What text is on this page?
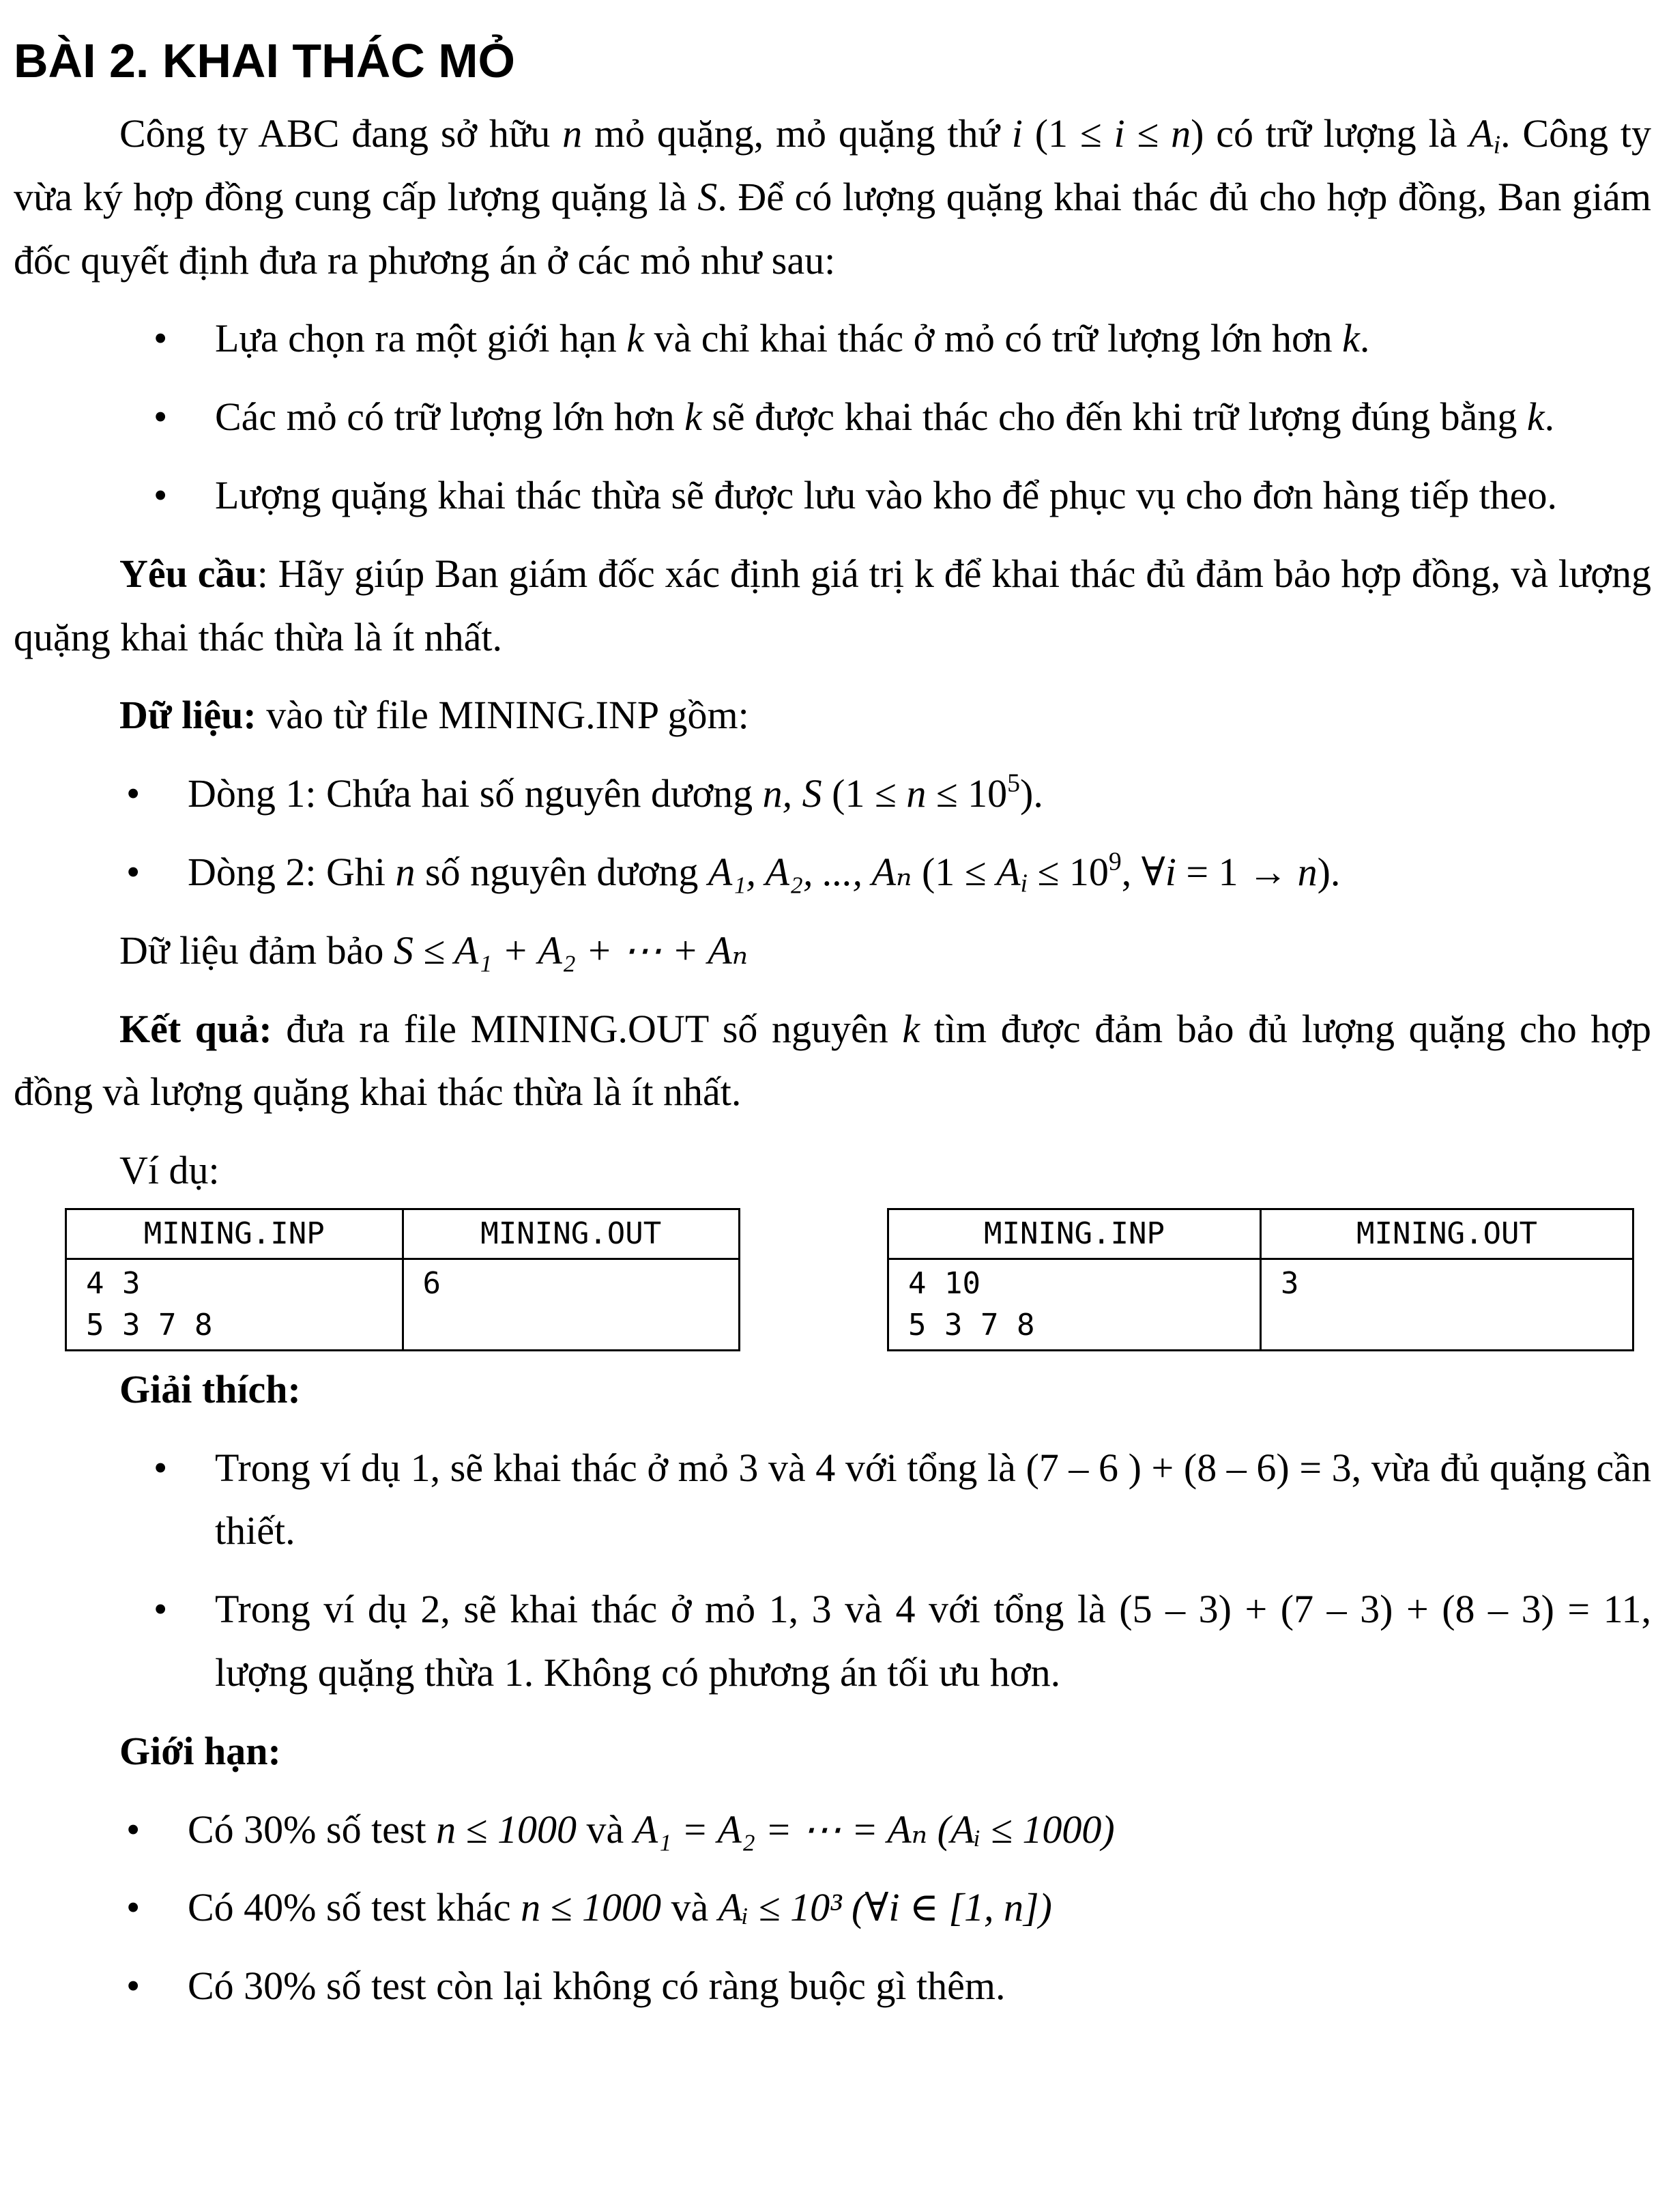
BÀI 2. KHAI THÁC MỎ

Công ty ABC đang sở hữu n mỏ quặng, mỏ quặng thứ i (1 ≤ i ≤ n) có trữ lượng là $A_i$. Công ty vừa ký hợp đồng cung cấp lượng quặng là S. Để có lượng quặng khai thác đủ cho hợp đồng, Ban giám đốc quyết định đưa ra phương án ở các mỏ như sau:

• Lựa chọn ra một giới hạn k và chỉ khai thác ở mỏ có trữ lượng lớn hơn k.
• Các mỏ có trữ lượng lớn hơn k sẽ được khai thác cho đến khi trữ lượng đúng bằng k.
• Lượng quặng khai thác thừa sẽ được lưu vào kho để phục vụ cho đơn hàng tiếp theo.

Yêu cầu: Hãy giúp Ban giám đốc xác định giá trị k để khai thác đủ đảm bảo hợp đồng, và lượng quặng khai thác thừa là ít nhất.

Dữ liệu: vào từ file MINING.INP gồm:

• Dòng 1: Chứa hai số nguyên dương n, S $(1 \le n \le 10^5)$.
• Dòng 2: Ghi n số nguyên dương A₁, A₂, ..., Aₙ ($1 \le A_i \le 10^9$, ∀i = 1 → n).

Dữ liệu đảm bảo S ≤ A₁ + A₂ + ⋯ + Aₙ

Kết quả: đưa ra file MINING.OUT số nguyên k tìm được đảm bảo đủ lượng quặng cho hợp đồng và lượng quặng khai thác thừa là ít nhất.

Ví dụ:

MINING.INP	MINING.OUT
4 3
5 3 7 8	6
MINING.INP	MINING.OUT
4 10
5 3 7 8	3

Giải thích:

• Trong ví dụ 1, sẽ khai thác ở mỏ 3 và 4 với tổng là (7 – 6 ) + (8 – 6) = 3, vừa đủ quặng cần thiết.
• Trong ví dụ 2, sẽ khai thác ở mỏ 1, 3 và 4 với tổng là (5 – 3) + (7 – 3) + (8 – 3) = 11, lượng quặng thừa 1. Không có phương án tối ưu hơn.

Giới hạn:

• Có 30% số test n ≤ 1000 và A₁ = A₂ = ⋯ = Aₙ (Aᵢ ≤ 1000)
• Có 40% số test khác n ≤ 1000 và Aᵢ ≤ 10³ (∀i ∈ [1, n])
• Có 30% số test còn lại không có ràng buộc gì thêm.
